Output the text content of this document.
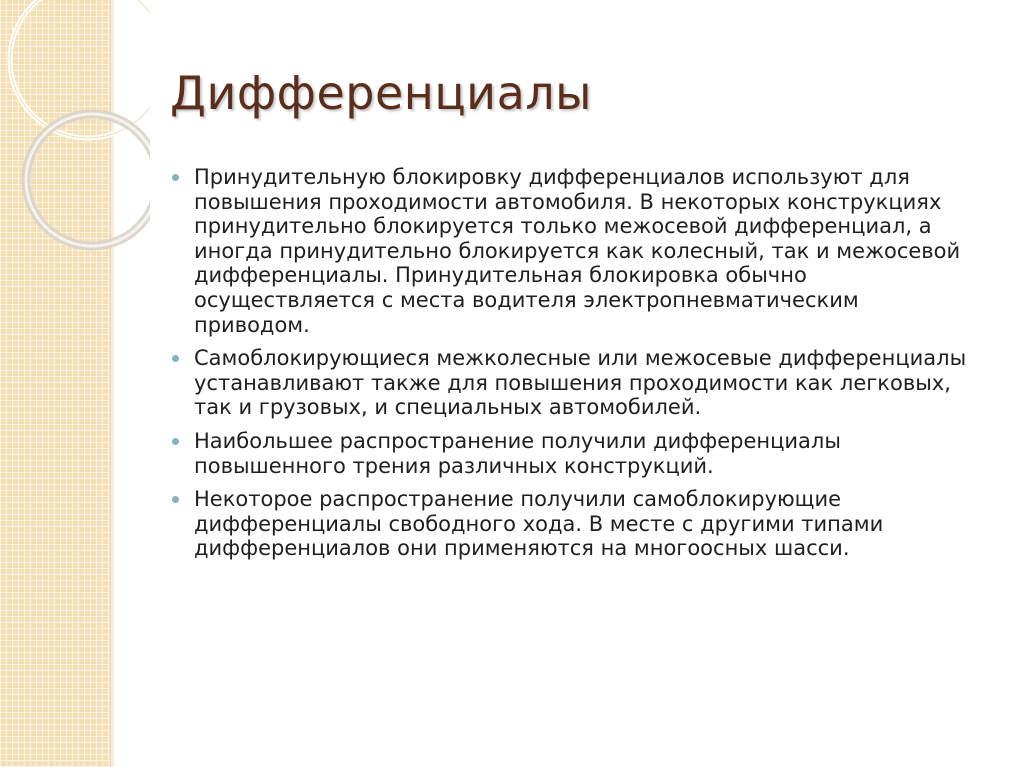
Дифференциалы
Принудительную блокировку дифференциалов используют для повышения проходимости автомобиля. В некоторых конструкциях принудительно блокируется только межосевой дифференциал, а иногда принудительно блокируется как колесный, так и межосевой дифференциалы. Принудительная блокировка обычно осуществляется с места водителя электропневматическим приводом.
Самоблокирующиеся межколесные или межосевые дифференциалы устанавливают также для повышения проходимости как легковых, так и грузовых, и специальных автомобилей.
Наибольшее распространение получили дифференциалы повышенного трения различных конструкций.
Некоторое распространение получили самоблокирующие дифференциалы свободного хода. В месте с другими типами дифференциалов они применяются на многоосных шасси.
